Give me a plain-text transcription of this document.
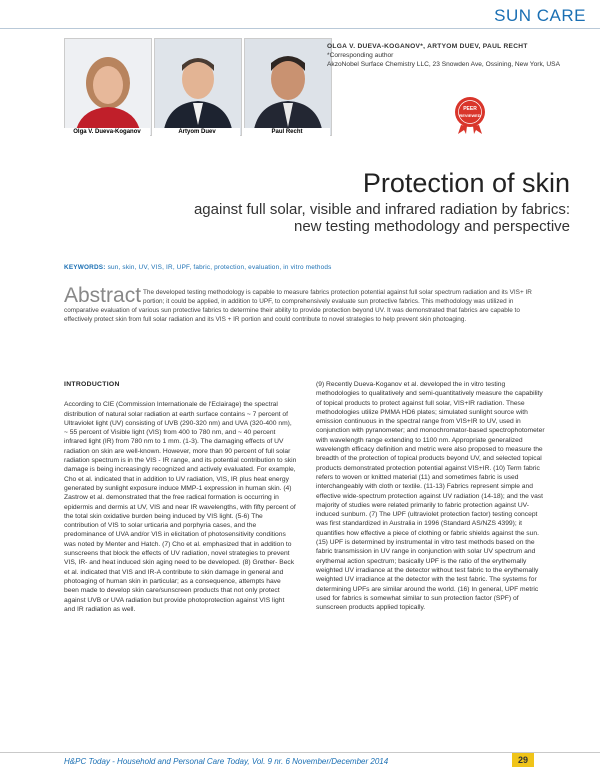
SUN CARE
Olga V. Dueva-Koganov	Artyom Duev	Paul Recht
OLGA V. DUEVA-KOGANOV*, ARTYOM DUEV, PAUL RECHT
*Corresponding author
AkzoNobel Surface Chemistry LLC, 23 Snowden Ave, Ossining, New York, USA
PEER
REVIEWED
Protection of skin
against full solar, visible and infrared radiation by fabrics:
new testing methodology and perspective
KEYWORDS: sun, skin, UV, VIS, IR, UPF, fabric, protection, evaluation, in vitro methods
Abstract The developed testing methodology is capable to measure fabrics protection potential against full solar spectrum radiation and its VIS+ IR portion; it could be applied, in addition to UPF, to comprehensively evaluate sun protective fabrics. This methodology was utilized in comparative evaluation of various sun protective fabrics to determine their ability to provide protection beyond UV. It was demonstrated that fabrics are capable to effectively protect skin from full solar radiation and its VIS + IR portion and could contribute to novel strategies to help prevent skin photoaging.
INTRODUCTION

According to CIE (Commission Internationale de l'Eclairage) the spectral distribution of natural solar radiation at earth surface contains ~ 7 percent of Ultraviolet light (UV) consisting of UVB (290-320 nm) and UVA (320-400 nm), ~ 55 percent of Visible light (VIS) from 400 to 780 nm, and ~ 40 percent infrared light (IR) from 780 nm to 1 mm. (1-3). The damaging effects of UV radiation on skin are well-known. However, more than 90 percent of full solar radiation spectrum is in the VIS - IR range, and its potential contribution to skin damage is being increasingly recognized and actively evaluated. For example, Cho et al. indicated that in addition to UV radiation, VIS, IR plus heat energy generated by sunlight exposure induce MMP-1 expression in human skin. (4) Zastrow et al. demonstrated that the free radical formation is occurring in epidermis and dermis at UV, VIS and near IR wavelengths, with fifty percent of the total skin oxidative burden being induced by VIS light. (5-6) The contribution of VIS to solar urticaria and porphyria cases, and the predominance of UVA and/or VIS in elicitation of photosensitivity conditions was noted by Menter and Hatch. (7) Cho et al. emphasized that in addition to sunscreens that block the effects of UV radiation, novel strategies to prevent VIS, IR- and heat induced skin aging need to be developed. (8) Grether- Beck et al. indicated that VIS and IR-A contribute to skin damage in general and photoaging of human skin in particular; as a consequence, attempts have been made to develop skin care/sunscreen products that not only protect against UVB or UVA radiation but provide photoprotection against VIS light and IR radiation as well.

(9) Recently Dueva-Koganov et al. developed the in vitro testing methodologies to qualitatively and semi-quantitatively measure the capability of topical products to protect against full solar, VIS+IR radiation. These methodologies utilize PMMA HD6 plates; simulated sunlight source with emission continuous in the spectral range from VIS+IR to UV, used in conjunction with pyranometer; and monochromator-based spectrophotometer with wavelength range extending to 1100 nm. Appropriate generalized wavelength efficacy definition and metric were also proposed to measure the breadth of the protection of topical products beyond UV, and selected topical products demonstrated protection potential against VIS+IR. (10) Term fabric refers to woven or knitted material (11) and sometimes fabric is used interchangeably with cloth or textile. (11-13) Fabrics represent simple and effective wide-spectrum protection against UV radiation (14-18); and the vast majority of studies were related primarily to fabric protection against UV-induced sunburn. (7) The UPF (ultraviolet protection factor) testing concept was first standardized in Australia in 1996 (Standard AS/NZS 4399); it quantifies how effective a piece of clothing or fabric shields against the sun. (15) UPF is determined by instrumental in vitro test methods based on the fabric transmission in UV range in conjunction with solar UV spectrum and erythemal action spectrum; basically UPF is the ratio of the erythemally weighted UV irradiance at the detector without test fabric to the erythemally weighted UV irradiance at the detector with the test fabric. The systems for determining UPFs are similar around the world. (16) In general, UPF metric used for fabrics is somewhat similar to sun protection factor (SPF) of sunscreen products applied topically.

H&PC Today - Household and Personal Care Today, Vol. 9 nr. 6 November/December 2014	29
